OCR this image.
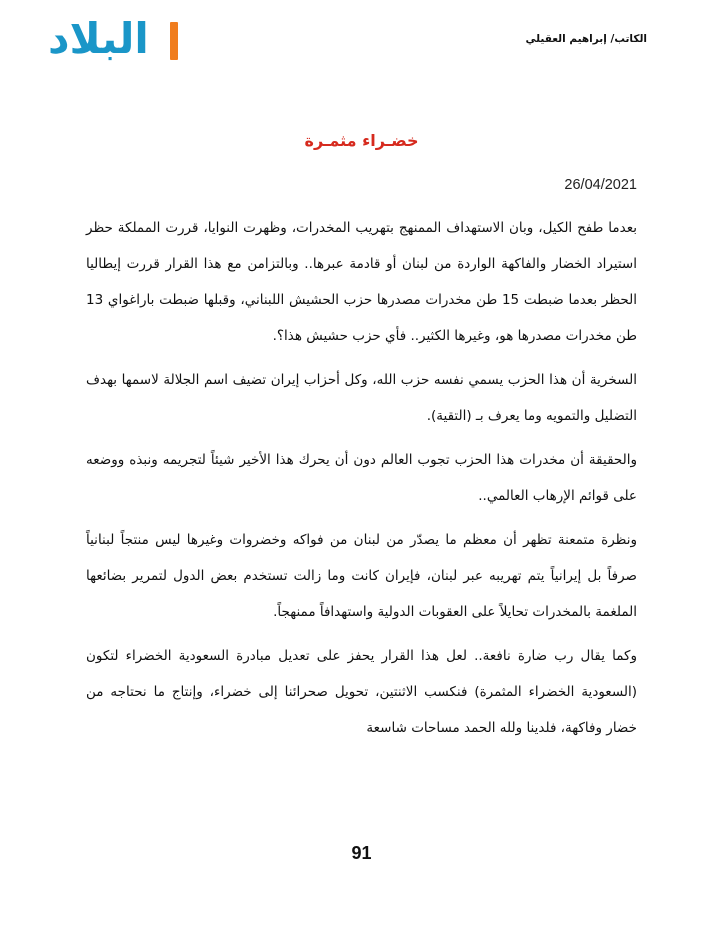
البلاد	ALBILAD	الكاتب/ إبراهيم العقيلي
خضـراء مثمـرة
26/04/2021

بعدما طفح الكيل، وبان الاستهداف الممنهج بتهريب المخدرات، وظهرت النوايا، قررت المملكة حظر استيراد الخضار والفاكهة الواردة من لبنان أو قادمة عبرها.. وبالتزامن مع هذا القرار قررت إيطاليا الحظر بعدما ضبطت 15 طن مخدرات مصدرها حزب الحشيش اللبناني، وقبلها ضبطت باراغواي 13 طن مخدرات مصدرها هو، وغيرها الكثير.. فأي حزب حشيش هذا؟.

السخرية أن هذا الحزب يسمي نفسه حزب الله، وكل أحزاب إيران تضيف اسم الجلالة لاسمها بهدف التضليل والتمويه وما يعرف بـ (التقية).

والحقيقة أن مخدرات هذا الحزب تجوب العالم دون أن يحرك هذا الأخير شيئاً لتجريمه ونبذه ووضعه على قوائم الإرهاب العالمي..

ونظرة متمعنة تظهر أن معظم ما يصدّر من لبنان من فواكه وخضروات وغيرها ليس منتجاً لبنانياً صرفاً بل إيرانياً يتم تهريبه عبر لبنان، فإيران كانت وما زالت تستخدم بعض الدول لتمرير بضائعها الملغمة بالمخدرات تحايلاً على العقوبات الدولية واستهدافاً ممنهجاً.

وكما يقال رب ضارة نافعة.. لعل هذا القرار يحفز على تعديل مبادرة السعودية الخضراء لتكون (السعودية الخضراء المثمرة) فنكسب الاثنتين، تحويل صحرائنا إلى خضراء، وإنتاج ما نحتاجه من خضار وفاكهة، فلدينا ولله الحمد مساحات شاسعة

91
